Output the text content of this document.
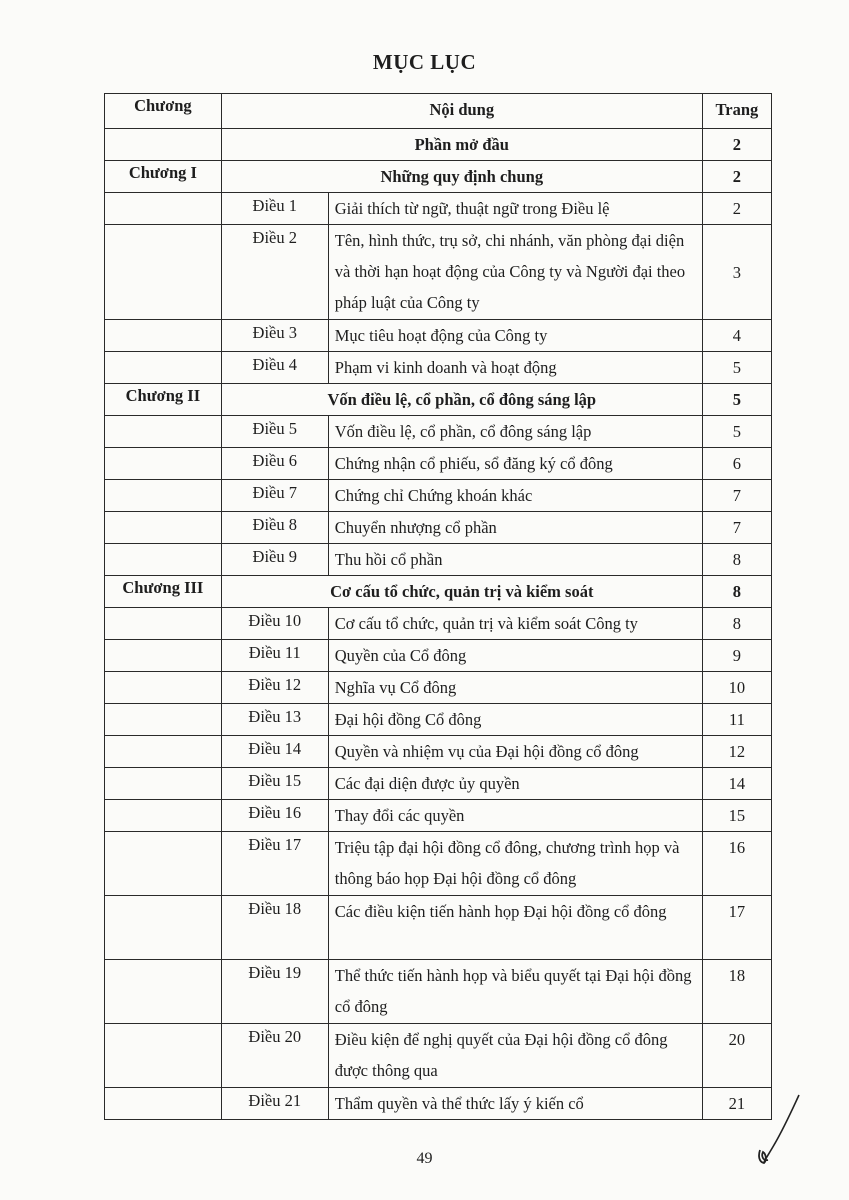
MỤC LỤC
Chương	Nội dung		Trang
	Phần mở đầu		2
Chương I	Những quy định chung		2
	Điều 1	Giải thích từ ngữ, thuật ngữ trong Điều lệ	2
	Điều 2	Tên, hình thức, trụ sở, chi nhánh, văn phòng đại diện và thời hạn hoạt động của Công ty và Người đại theo pháp luật của Công ty	3
	Điều 3	Mục tiêu hoạt động của Công ty	4
	Điều 4	Phạm vi kinh doanh và hoạt động	5
Chương II	Vốn điều lệ, cổ phần, cổ đông sáng lập		5
	Điều 5	Vốn điều lệ, cổ phần, cổ đông sáng lập	5
	Điều 6	Chứng nhận cổ phiếu, sổ đăng ký cổ đông	6
	Điều 7	Chứng chỉ Chứng khoán khác	7
	Điều 8	Chuyển nhượng cổ phần	7
	Điều 9	Thu hồi cổ phần	8
Chương III	Cơ cấu tổ chức, quản trị và kiểm soát		8
	Điều 10	Cơ cấu tổ chức, quản trị và kiểm soát Công ty	8
	Điều 11	Quyền của Cổ đông	9
	Điều 12	Nghĩa vụ Cổ đông	10
	Điều 13	Đại hội đồng Cổ đông	11
	Điều 14	Quyền và nhiệm vụ của Đại hội đồng cổ đông	12
	Điều 15	Các đại diện được ủy quyền	14
	Điều 16	Thay đổi các quyền	15
	Điều 17	Triệu tập đại hội đồng cổ đông, chương trình họp và thông báo họp Đại hội đồng cổ đông	16
	Điều 18	Các điều kiện tiến hành họp Đại hội đồng cổ đông	17
	Điều 19	Thể thức tiến hành họp và biểu quyết tại Đại hội đồng cổ đông	18
	Điều 20	Điều kiện để nghị quyết của Đại hội đồng cổ đông được thông qua	20
	Điều 21	Thẩm quyền và thể thức lấy ý kiến cổ	21
49
